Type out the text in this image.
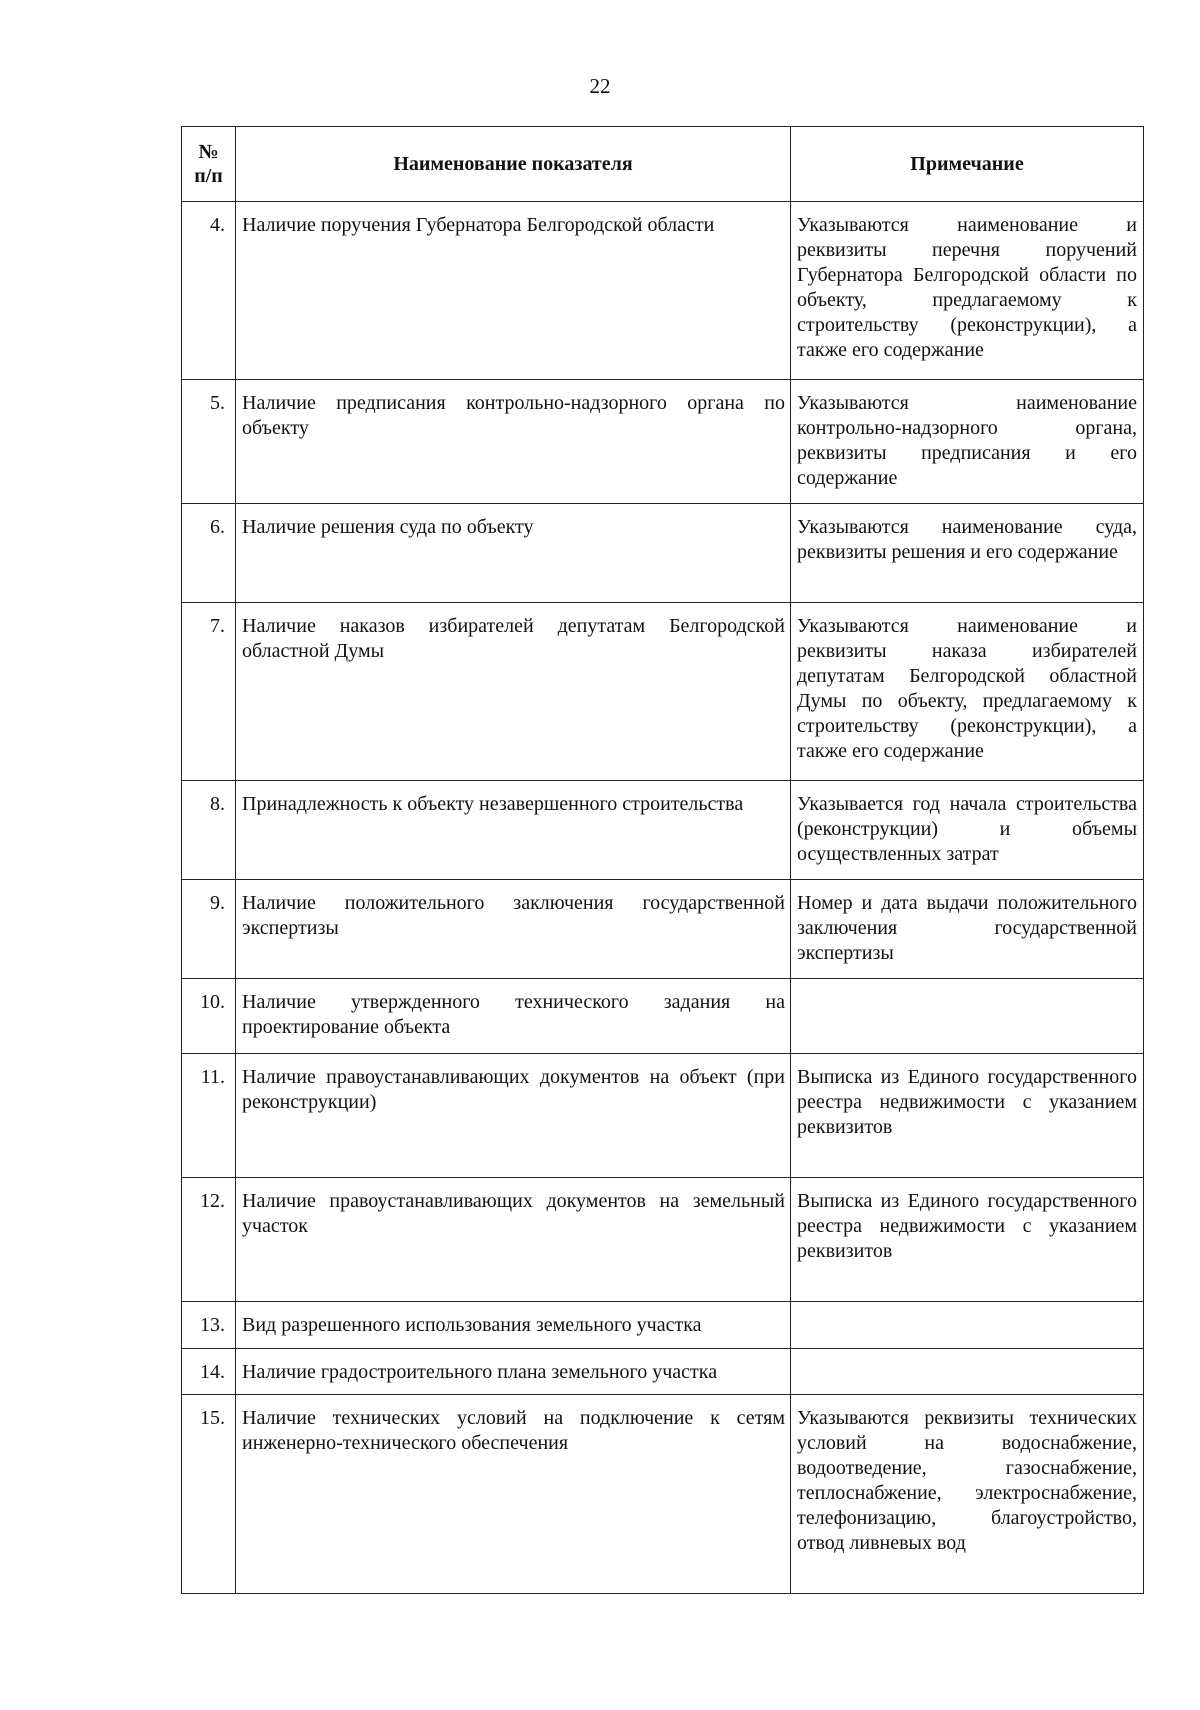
22
№
п/п	Наименование показателя	Примечание
4.	Наличие поручения Губернатора Белгородской области	Указываются наименование и реквизиты перечня поручений Губернатора Белгородской области по объекту, предлагаемому к строительству (реконструкции), а также его содержание
5.	Наличие предписания контрольно-надзорного органа по объекту	Указываются наименование контрольно-надзорного органа, реквизиты предписания и его содержание
6.	Наличие решения суда по объекту	Указываются наименование суда, реквизиты решения и его содержание
7.	Наличие наказов избирателей депутатам Белгородской областной Думы	Указываются наименование и реквизиты наказа избирателей депутатам Белгородской областной Думы по объекту, предлагаемому к строительству (реконструкции), а также его содержание
8.	Принадлежность к объекту незавершенного строительства	Указывается год начала строительства (реконструкции) и объемы осуществленных затрат
9.	Наличие положительного заключения государственной экспертизы	Номер и дата выдачи положительного заключения государственной экспертизы
10.	Наличие утвержденного технического задания на проектирование объекта	
11.	Наличие правоустанавливающих документов на объект (при реконструкции)	Выписка из Единого государственного реестра недвижимости с указанием реквизитов
12.	Наличие правоустанавливающих документов на земельный участок	Выписка из Единого государственного реестра недвижимости с указанием реквизитов
13.	Вид разрешенного использования земельного участка	
14.	Наличие градостроительного плана земельного участка	
15.	Наличие технических условий на подключение к сетям инженерно-технического обеспечения	Указываются реквизиты технических условий на водоснабжение, водоотведение, газоснабжение, теплоснабжение, электроснабжение, телефонизацию, благоустройство, отвод ливневых вод
